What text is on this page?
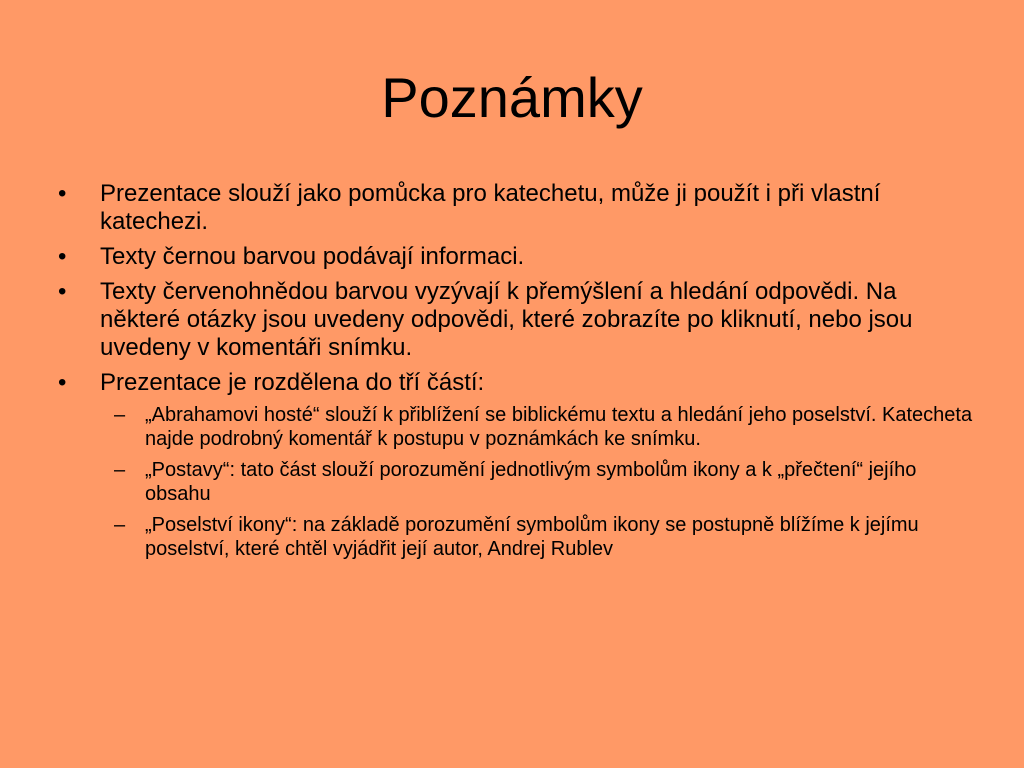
Poznámky
• Prezentace slouží jako pomůcka pro katechetu, může ji použít i při vlastní katechezi.
• Texty černou barvou podávají informaci.
• Texty červenohnědou barvou vyzývají k přemýšlení a hledání odpovědi. Na některé otázky jsou uvedeny odpovědi, které zobrazíte po kliknutí, nebo jsou uvedeny v komentáři snímku.
• Prezentace je rozdělena do tří částí:
– „Abrahamovi hosté“ slouží k přiblížení se biblickému textu a hledání jeho poselství. Katecheta najde podrobný komentář k postupu v poznámkách ke snímku.
– „Postavy“: tato část slouží porozumění jednotlivým symbolům ikony a k „přečtení“ jejího obsahu
– „Poselství ikony“: na základě porozumění symbolům ikony se postupně blížíme k jejímu poselství, které chtěl vyjádřit její autor, Andrej Rublev
